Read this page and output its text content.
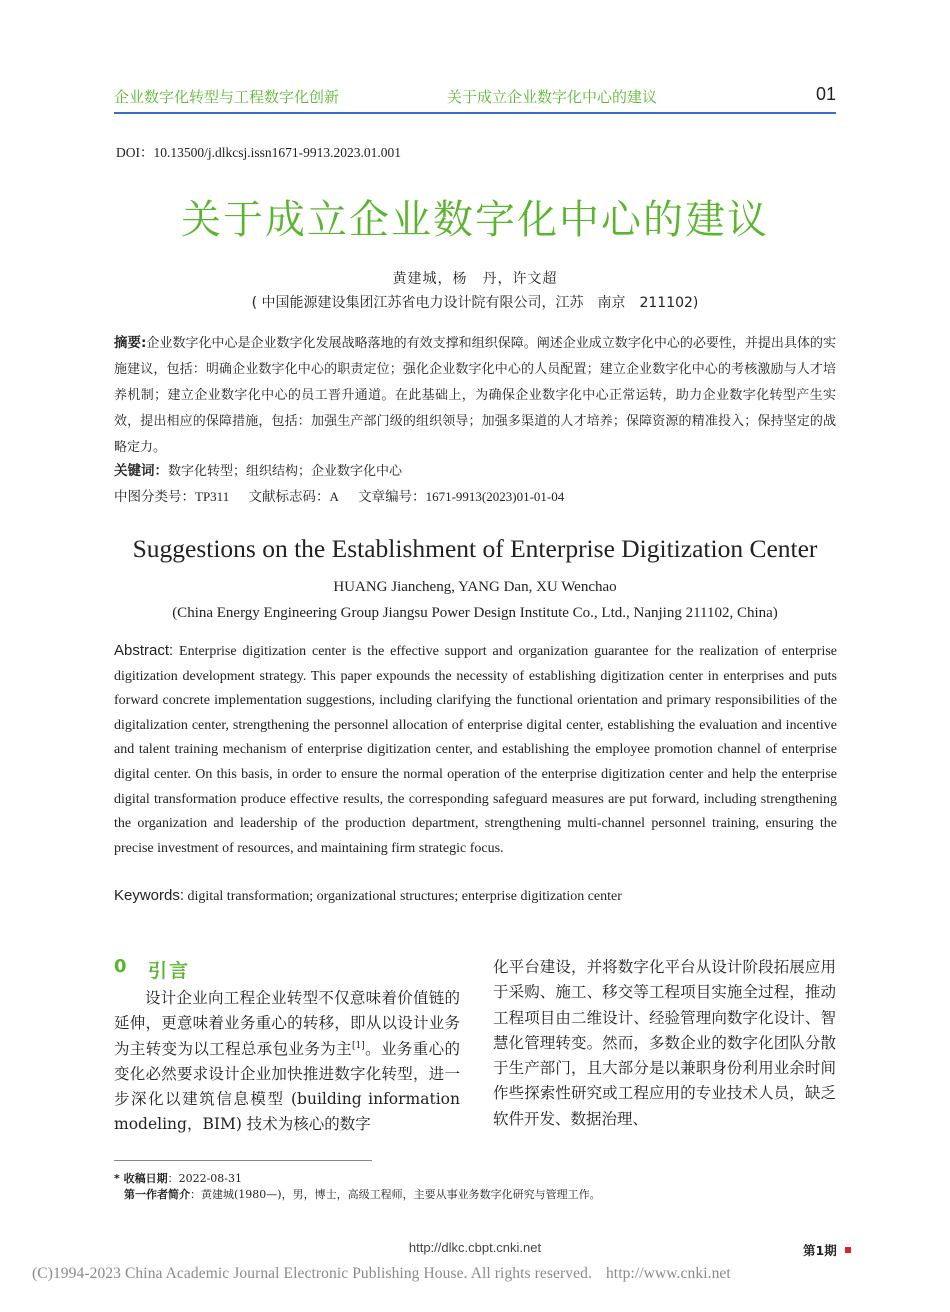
企业数字化转型与工程数字化创新	关于成立企业数字化中心的建议	01
DOI：10.13500/j.dlkcsj.issn1671-9913.2023.01.001
关于成立企业数字化中心的建议
黄建城，杨　丹，许文超
( 中国能源建设集团江苏省电力设计院有限公司，江苏　南京　211102)
摘要:企业数字化中心是企业数字化发展战略落地的有效支撑和组织保障。阐述企业成立数字化中心的必要性，并提出具体的实施建议，包括：明确企业数字化中心的职责定位；强化企业数字化中心的人员配置；建立企业数字化中心的考核激励与人才培养机制；建立企业数字化中心的员工晋升通道。在此基础上，为确保企业数字化中心正常运转，助力企业数字化转型产生实效，提出相应的保障措施，包括：加强生产部门级的组织领导；加强多渠道的人才培养；保障资源的精准投入；保持坚定的战略定力。
关键词：数字化转型；组织结构；企业数字化中心
中图分类号：TP311 文献标志码：A 文章编号：1671-9913(2023)01-01-04
Suggestions on the Establishment of Enterprise Digitization Center
HUANG Jiancheng, YANG Dan, XU Wenchao
(China Energy Engineering Group Jiangsu Power Design Institute Co., Ltd., Nanjing 211102, China)
Abstract: Enterprise digitization center is the effective support and organization guarantee for the realization of enterprise digitization development strategy. This paper expounds the necessity of establishing digitization center in enterprises and puts forward concrete implementation suggestions, including clarifying the functional orientation and primary responsibilities of the digitalization center, strengthening the personnel allocation of enterprise digital center, establishing the evaluation and incentive and talent training mechanism of enterprise digitization center, and establishing the employee promotion channel of enterprise digital center. On this basis, in order to ensure the normal operation of the enterprise digitization center and help the enterprise digital transformation produce effective results, the corresponding safeguard measures are put forward, including strengthening the organization and leadership of the production department, strengthening multi-channel personnel training, ensuring the precise investment of resources, and maintaining firm strategic focus.
Keywords: digital transformation; organizational structures; enterprise digitization center
0 引言
设计企业向工程企业转型不仅意味着价值链的延伸，更意味着业务重心的转移，即从以设计业务为主转变为以工程总承包业务为主[1]。业务重心的变化必然要求设计企业加快推进数字化转型，进一步深化以建筑信息模型 (building information modeling，BIM) 技术为核心的数字
化平台建设，并将数字化平台从设计阶段拓展应用于采购、施工、移交等工程项目实施全过程，推动工程项目由二维设计、经验管理向数字化设计、智慧化管理转变。然而，多数企业的数字化团队分散于生产部门，且大部分是以兼职身份利用业余时间作些探索性研究或工程应用的专业技术人员，缺乏软件开发、数据治理、
* 收稿日期：2022-08-31
第一作者简介：黄建城(1980—)，男，博士，高级工程师，主要从事业务数字化研究与管理工作。
http://dlkc.cbpt.cnki.net	第1期
(C)1994-2023 China Academic Journal Electronic Publishing House. All rights reserved. http://www.cnki.net
